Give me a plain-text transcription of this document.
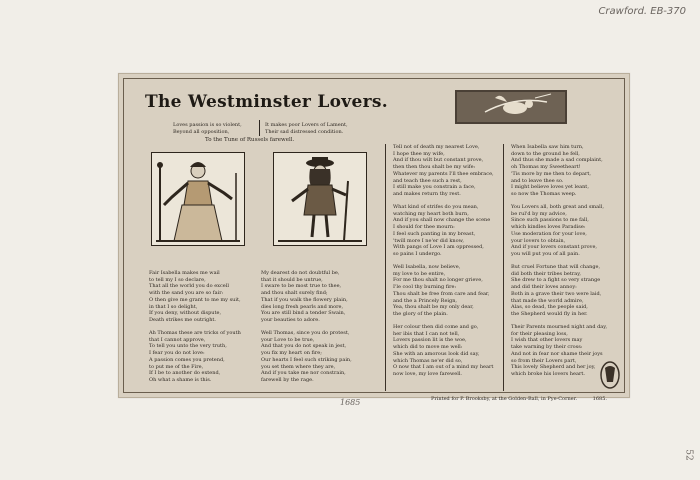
Crawford. EB-370
The Westminster Lovers.
Loves passion is so violent,
Beyond all opposition,
It makes poor Lovers of Lament,
Their sad distressed condition.
To the Tune of Russels farewell.
Fair Isabella makes me wail
to tell my I so declare,
That all the world you do excell
with the sand you are so fair:
O then give me grant to me my suit,
in that I so delight,
If you deny, without dispute,
Death strikes me outright.
Ah Thomas these are tricks of youth
that I cannot approve,
To tell you unto the very truth,
I fear you do not love:
A passion comes you pretend,
to put me of the Fire,
If I be to another do extend,
Oh what a shame is this.
My dearest do not doubtful be,
that it should be untrue,
I sware to be most true to thee,
and thou shalt surely find;
That if you walk the flowery plain,
dies long fresh pearls and more,
You are still bind a tender Swain,
your beauties to adore.
Well Thomas, since you do protest,
your Love to be true,
And that you do not speak in jest,
you fix my heart on fire;
Our hearts I feel such striking pain,
you set them where they are,
And if you take me nor constrain,
farewell by the rage.
Tell not of death my nearest Love,
I hope thee my wife,
And if thou wilt but constant prove,
then then thou shalt be my wife:
Whatever my parents I'll thee embrace,
and teach thee such a rest,
I still make you constrain a face,
and makes return thy rest.
What kind of strifes do you mean,
watching my heart both burn,
And if you shall now change the scene
I should for thee mourn:
I feel such panting in my breast,
'twill more I ne'er did know,
With pangs of Love I am oppressed,
so pains I undergo.
Well Isabella, now believe,
my love to be entire,
For me thou shalt no longer grieve,
I'le cool thy burning fire:
Thou shalt be free from care and fear,
and the a Princely Reign,
Yea, thou shalt be my only dear,
the glory of the plain.
Her colour then did come and go,
her ibis that I can not tell,
Lovers passion lit is the woe,
which did to move me well:
She with an amorous look did say,
which Thomas ne'er did so,
O now that I am out of a mind my heart
now love, my love farewell.
When Isabella saw him turn,
down to the ground he fell,
And thus she made a sad complaint,
oh Thomas my Sweetheart!
'Tis more by me then to depart,
and to leave thee so.
I might believe loves yet leant,
so now the Thomas weep.
You Lovers all, both great and small,
be rul'd by my advice,
Since such passions to me fall,
which kindles loves Paradise:
Use moderation for your love,
your lovers to obtain,
And if your lovers constant prove,
you will put you of all pain.
But cruel Fortune that will change,
did both their tribes betray,
She drew to a fight so very strange
and did their loves annoy:
Both in a grave their two were laid,
that made the world admire,
Alas, so dead, the people said,
the Shepherd would fly in her.
Their Parents mourned night and day,
for their pleasing loss,
I wish that other lovers may
take warning by their cross:
And not in fear nor shame their joys
so from their Lovers part,
This lovely Shepherd and her joy,
which broke his lovers heart.
Printed for P. Brooksby, at the Golden-Ball, in Pye-Corner.	1685.
1685
52
